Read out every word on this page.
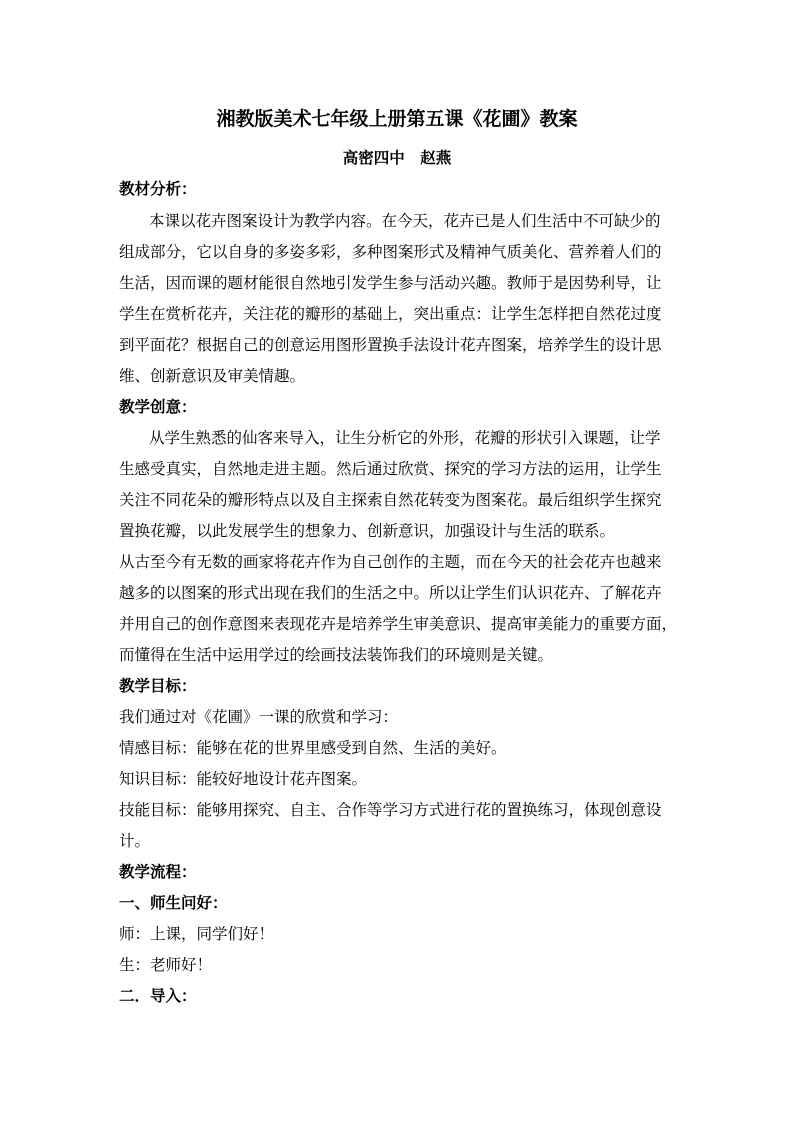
湘教版美术七年级上册第五课《花圃》教案
高密四中　赵燕
教材分析：
本课以花卉图案设计为教学内容。在今天，花卉已是人们生活中不可缺少的
组成部分，它以自身的多姿多彩，多种图案形式及精神气质美化、营养着人们的
生活，因而课的题材能很自然地引发学生参与活动兴趣。教师于是因势利导，让
学生在赏析花卉，关注花的瓣形的基础上，突出重点：让学生怎样把自然花过度
到平面花？根据自己的创意运用图形置换手法设计花卉图案，培养学生的设计思
维、创新意识及审美情趣。
教学创意：
从学生熟悉的仙客来导入，让生分析它的外形，花瓣的形状引入课题，让学
生感受真实，自然地走进主题。然后通过欣赏、探究的学习方法的运用，让学生
关注不同花朵的瓣形特点以及自主探索自然花转变为图案花。最后组织学生探究
置换花瓣，以此发展学生的想象力、创新意识，加强设计与生活的联系。
从古至今有无数的画家将花卉作为自己创作的主题，而在今天的社会花卉也越来
越多的以图案的形式出现在我们的生活之中。所以让学生们认识花卉、了解花卉
并用自己的创作意图来表现花卉是培养学生审美意识、提高审美能力的重要方面，
而懂得在生活中运用学过的绘画技法装饰我们的环境则是关键。
教学目标：
我们通过对《花圃》一课的欣赏和学习：
情感目标：能够在花的世界里感受到自然、生活的美好。
知识目标：能较好地设计花卉图案。
技能目标：能够用探究、自主、合作等学习方式进行花的置换练习，体现创意设
计。
教学流程：
一、师生问好：
师：上课，同学们好！
生：老师好！
二．导入：
